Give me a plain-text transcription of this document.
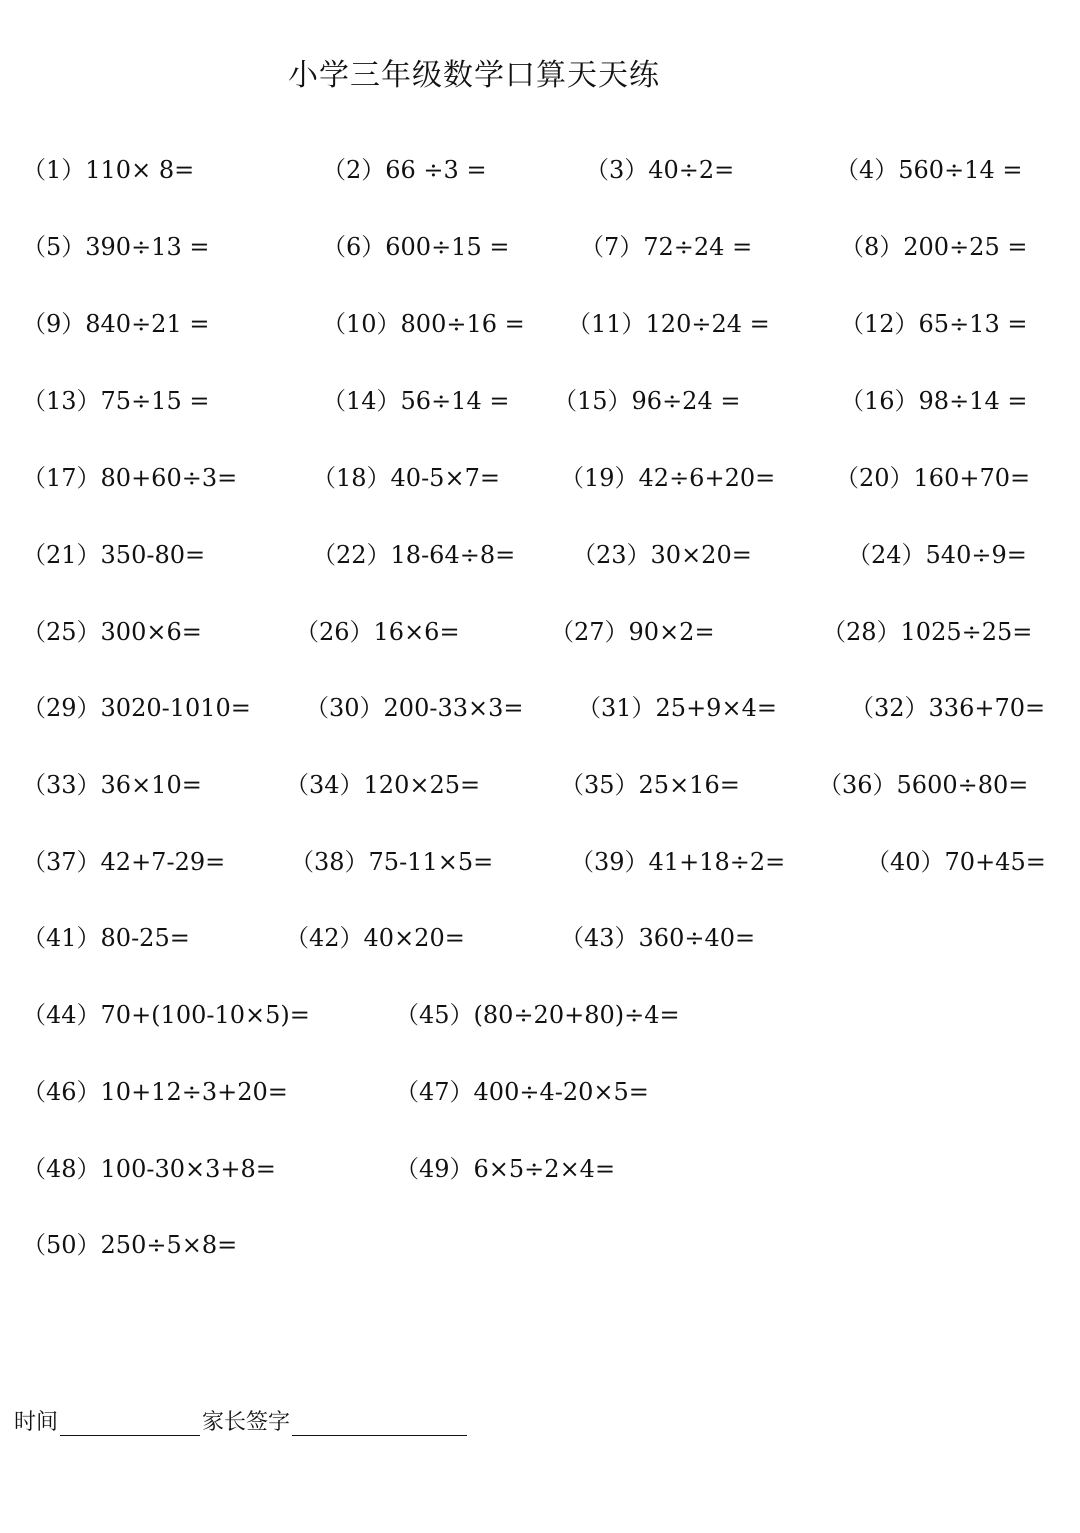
小学三年级数学口算天天练
（1）110× 8=	（2）66 ÷3 =	（3）40÷2=	（4）560÷14 =
（5）390÷13 =	（6）600÷15 =	（7）72÷24 =	（8）200÷25 =
（9）840÷21 =	（10）800÷16 = （11）120÷24 =	（12）65÷13 =
（13）75÷15 =	（14）56÷14 = （15）96÷24 =	（16）98÷14 =
（17）80+60÷3=	（18）40-5×7=	（19）42÷6+20= （20）160+70=
（21）350-80=	（22）18-64÷8= （23）30×20=	（24）540÷9=
（25）300×6=	（26）16×6=	（27）90×2=	（28）1025÷25=
（29）3020-1010= （30）200-33×3= （31）25+9×4=	（32）336+70=
（33）36×10=	（34）120×25=	（35）25×16=	（36）5600÷80=
（37）42+7-29=	（38）75-11×5=	（39）41+18÷2=	（40）70+45=
（41）80-25=	（42）40×20=	（43）360÷40=
（44）70+(100-10×5)=	（45）(80÷20+80)÷4=
（46）10+12÷3+20=	（47）400÷4-20×5=
（48）100-30×3+8=	（49）6×5÷2×4=
（50）250÷5×8=
时间	家长签字
